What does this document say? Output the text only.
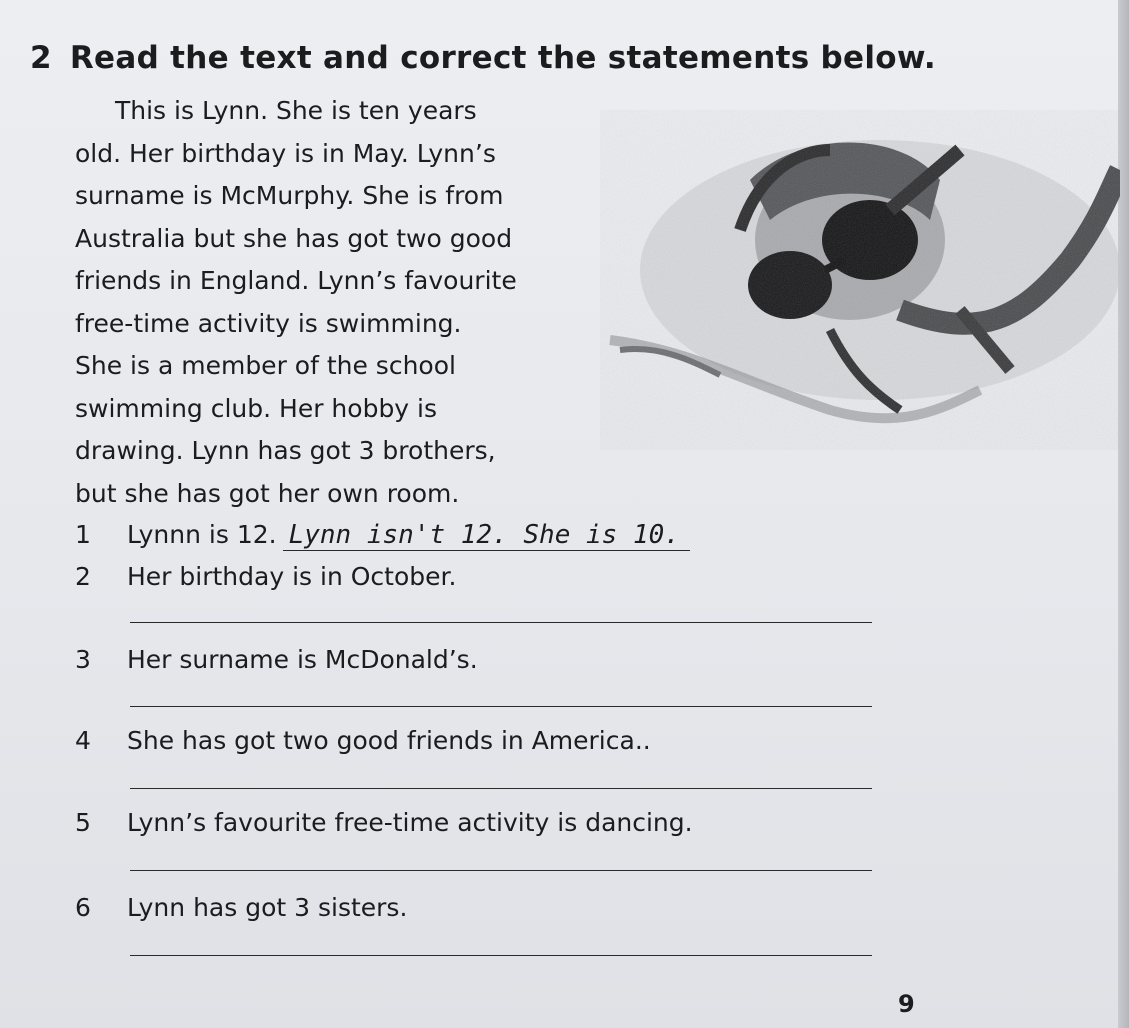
2 Read the text and correct the statements below.
This is Lynn. She is ten years
old. Her birthday is in May. Lynn’s
surname is McMurphy. She is from
Australia but she has got two good
friends in England. Lynn’s favourite
free-time activity is swimming.
She is a member of the school
swimming club. Her hobby is
drawing. Lynn has got 3 brothers,
but she has got her own room.
1 Lynnn is 12. Lynn isn't 12. She is 10.
2 Her birthday is in October.
3 Her surname is McDonald’s.
4 She has got two good friends in America..
5 Lynn’s favourite free-time activity is dancing.
6 Lynn has got 3 sisters.
9
